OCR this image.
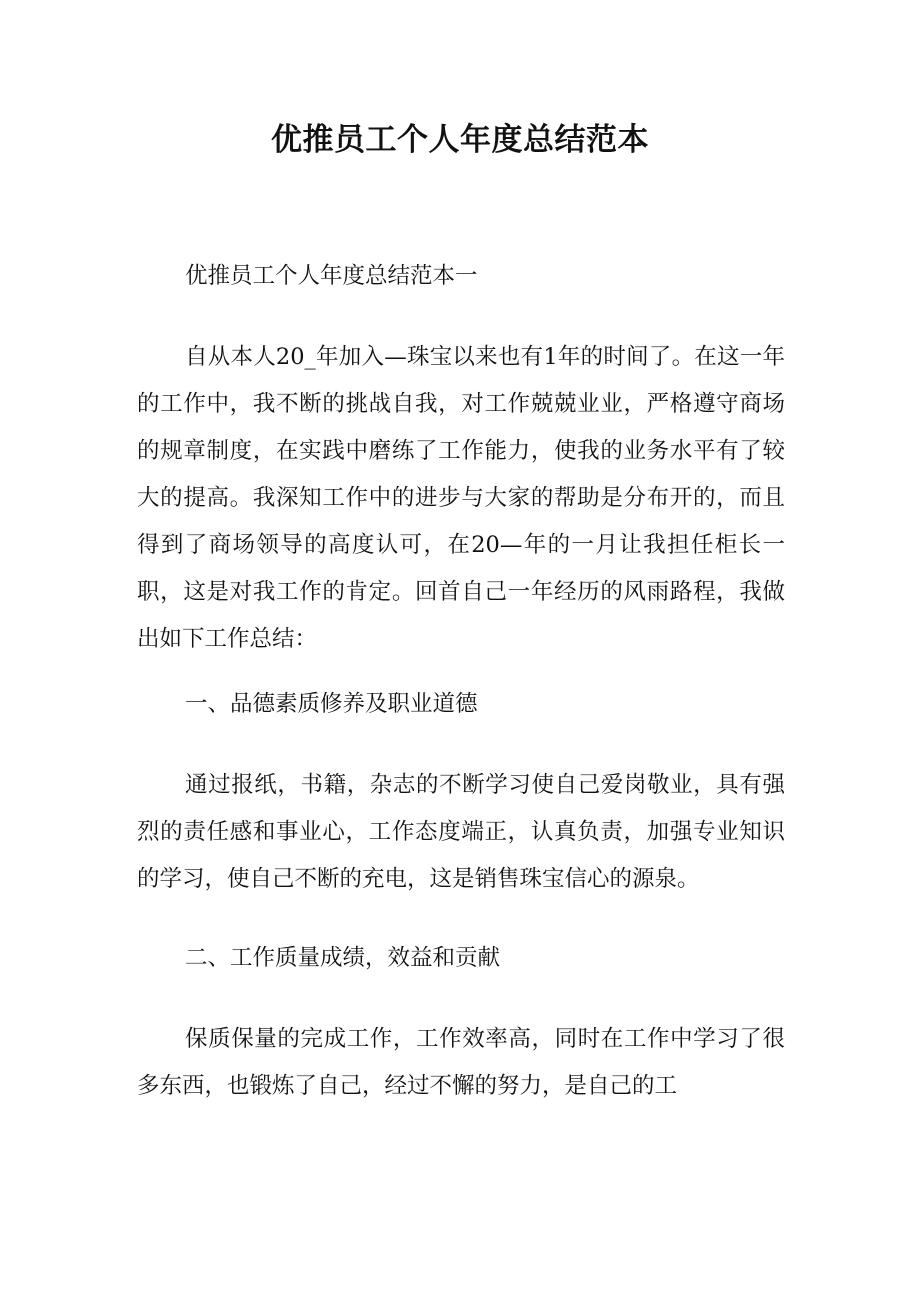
优推员工个人年度总结范本

优推员工个人年度总结范本一

自从本人20_年加入—珠宝以来也有1年的时间了。在这一年的工作中，我不断的挑战自我，对工作兢兢业业，严格遵守商场的规章制度，在实践中磨练了工作能力，使我的业务水平有了较大的提高。我深知工作中的进步与大家的帮助是分布开的，而且得到了商场领导的高度认可，在20—年的一月让我担任柜长一职，这是对我工作的肯定。回首自己一年经历的风雨路程，我做出如下工作总结：

一、品德素质修养及职业道德

通过报纸，书籍，杂志的不断学习使自己爱岗敬业，具有强烈的责任感和事业心，工作态度端正，认真负责，加强专业知识的学习，使自己不断的充电，这是销售珠宝信心的源泉。

二、工作质量成绩，效益和贡献

保质保量的完成工作，工作效率高，同时在工作中学习了很多东西，也锻炼了自己，经过不懈的努力，是自己的工
